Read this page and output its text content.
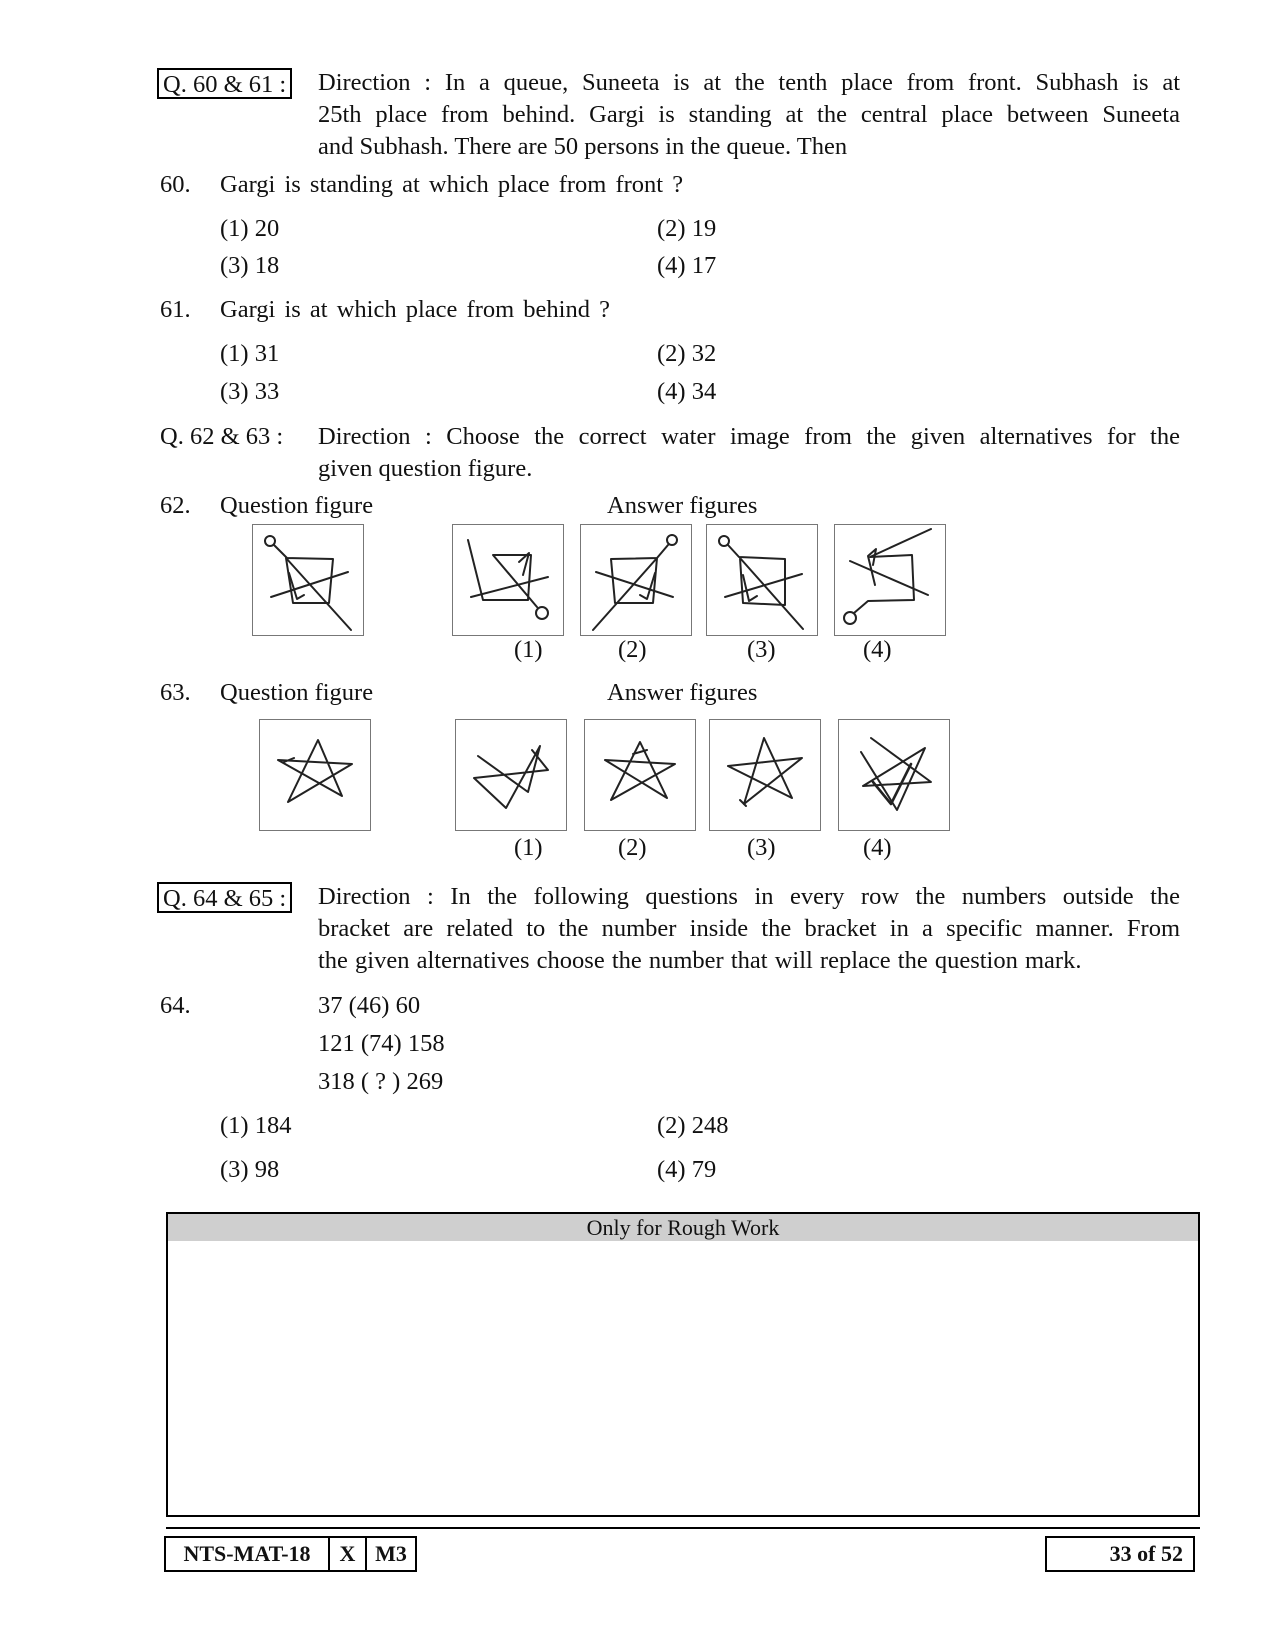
Q. 60 & 61 : Direction : In a queue, Suneeta is at the tenth place from front. Subhash is at
25th place from behind. Gargi is standing at the central place between Suneeta
and Subhash. There are 50 persons in the queue. Then
60. Gargi is standing at which place from front ?
(1) 20	(2) 19
(3) 18	(4) 17
61. Gargi is at which place from behind ?
(1) 31	(2) 32
(3) 33	(4) 34
Q. 62 & 63 : Direction : Choose the correct water image from the given alternatives for the
given question figure.
62. Question figure	Answer figures
(1)	(2)	(3)	(4)
63. Question figure	Answer figures
(1)	(2)	(3)	(4)
Q. 64 & 65 : Direction : In the following questions in every row the numbers outside the
bracket are related to the number inside the bracket in a specific manner. From
the given alternatives choose the number that will replace the question mark.
64.	37 (46) 60
121 (74) 158
318 ( ? ) 269
(1) 184	(2) 248
(3) 98	(4) 79
Only for Rough Work
NTS-MAT-18	X M3	33 of 52
